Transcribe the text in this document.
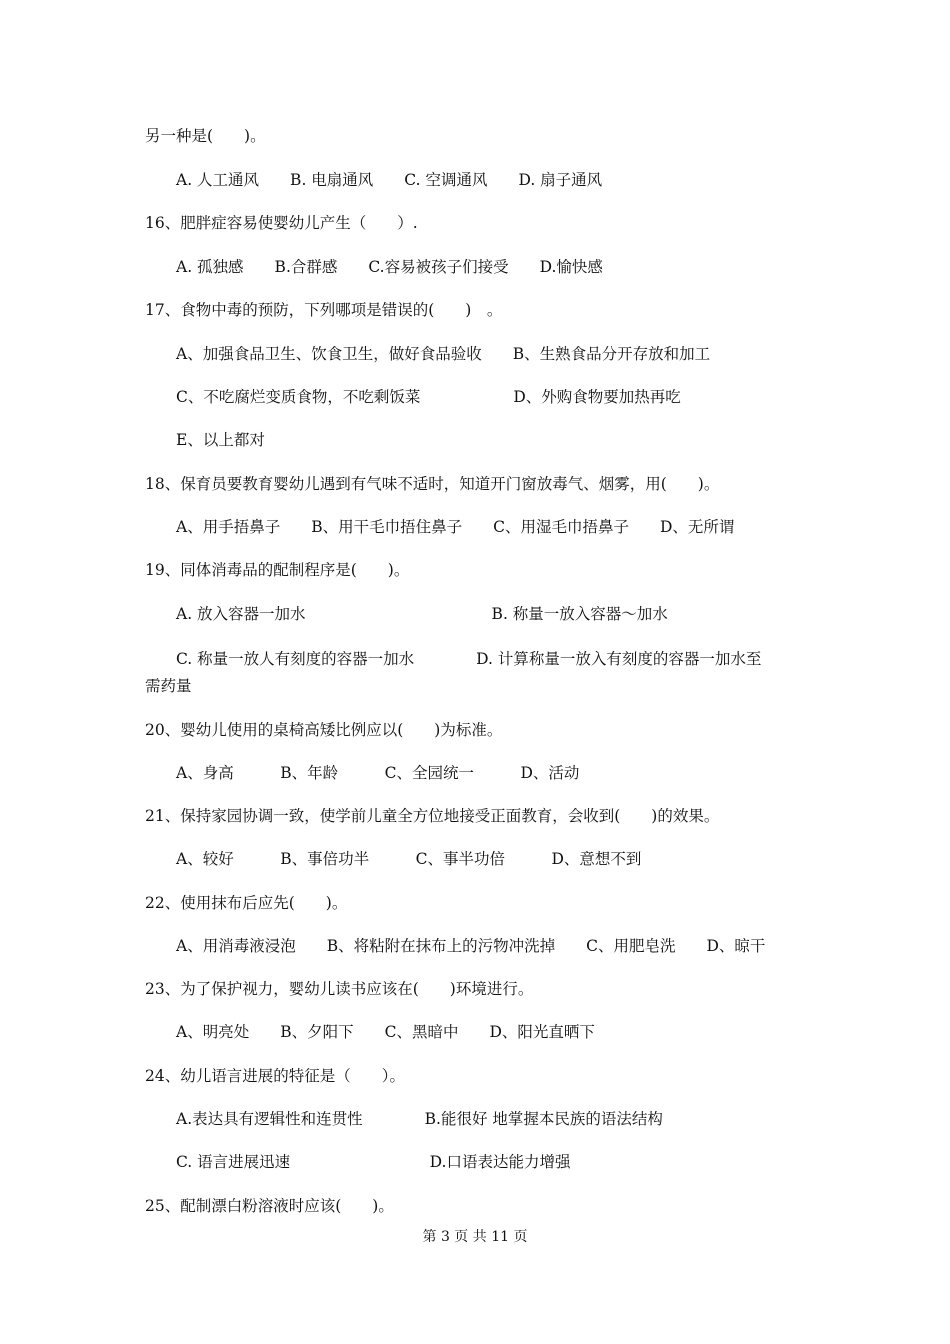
另一种是(　　)。
A. 人工通风　　B. 电扇通风　　C. 空调通风　　D. 扇子通风
16、肥胖症容易使婴幼儿产生（　　）.
A. 孤独感　　B.合群感　　C.容易被孩子们接受　　D.愉快感
17、食物中毒的预防，下列哪项是错误的(　　)　。
A、加强食品卫生、饮食卫生，做好食品验收　　B、生熟食品分开存放和加工
C、不吃腐烂变质食物，不吃剩饭菜　　　　　　D、外购食物要加热再吃
E、以上都对
18、保育员要教育婴幼儿遇到有气味不适时，知道开门窗放毒气、烟雾，用(　　)。
A、用手捂鼻子　　B、用干毛巾捂住鼻子　　C、用湿毛巾捂鼻子　　D、无所谓
19、同体消毒品的配制程序是(　　)。
A. 放入容器一加水　　　　　　　　　　　　B. 称量一放入容器～加水
C. 称量一放人有刻度的容器一加水　　　　D. 计算称量一放入有刻度的容器一加水至
需药量
20、婴幼儿使用的桌椅高矮比例应以(　　)为标准。
A、身高　　　B、年龄　　　C、全园统一　　　D、活动
21、保持家园协调一致，使学前儿童全方位地接受正面教育，会收到(　　)的效果。
A、较好　　　B、事倍功半　　　C、事半功倍　　　D、意想不到
22、使用抹布后应先(　　)。
A、用消毒液浸泡　　B、将粘附在抹布上的污物冲洗掉　　C、用肥皂洗　　D、晾干
23、为了保护视力，婴幼儿读书应该在(　　)环境进行。
A、明亮处　　B、夕阳下　　C、黑暗中　　D、阳光直晒下
24、幼儿语言进展的特征是（　　）。
A.表达具有逻辑性和连贯性　　　　B.能很好 地掌握本民族的语法结构
C. 语言进展迅速　　　　　　　　　D.口语表达能力增强
25、配制漂白粉溶液时应该(　　)。
第 3 页 共 11 页
